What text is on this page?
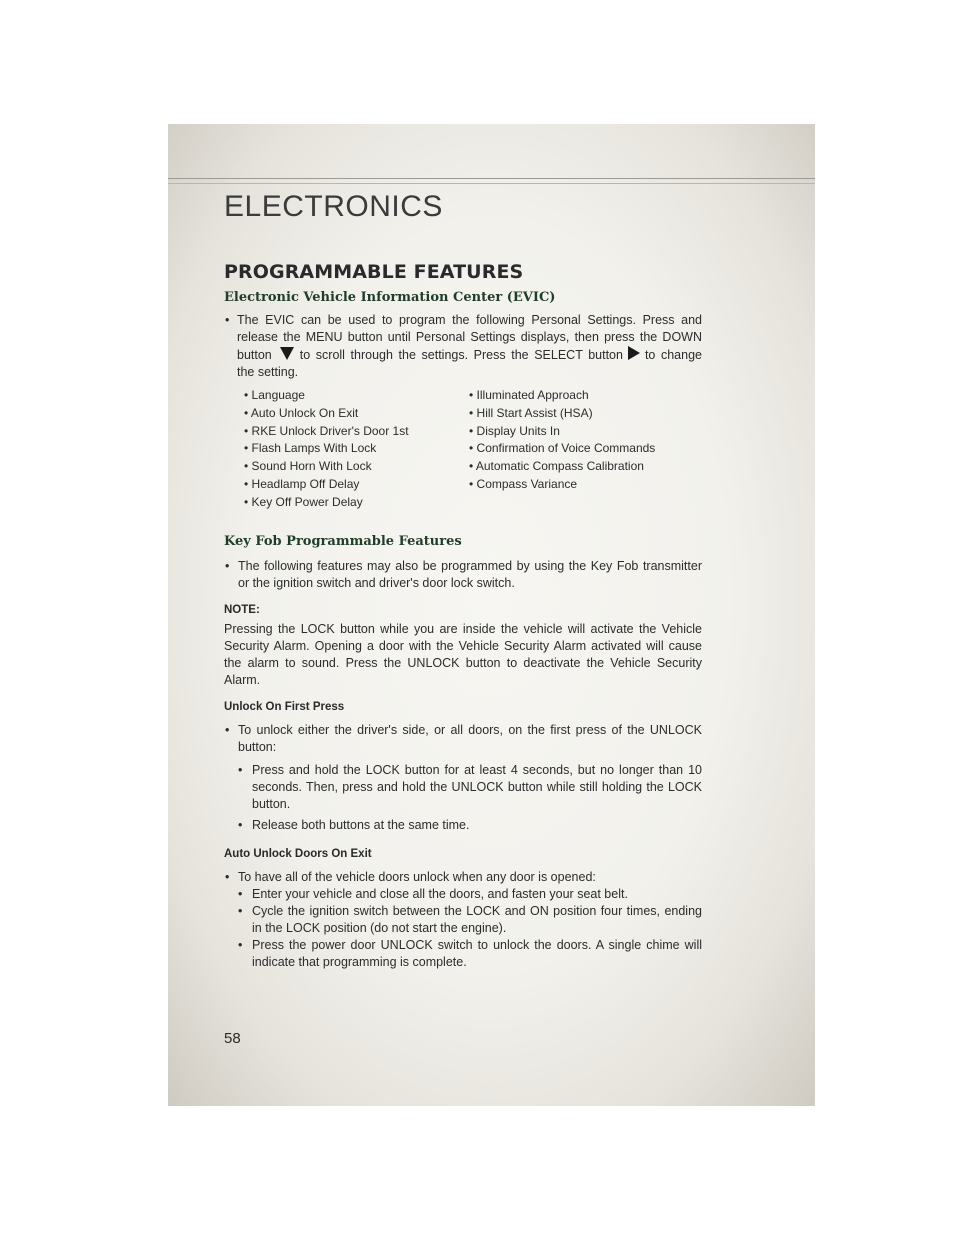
ELECTRONICS
PROGRAMMABLE FEATURES
Electronic Vehicle Information Center (EVIC)
• The EVIC can be used to program the following Personal Settings. Press and release the MENU button until Personal Settings displays, then press the DOWN button to scroll through the settings. Press the SELECT button to change the setting.
• Language
• Auto Unlock On Exit
• RKE Unlock Driver's Door 1st
• Flash Lamps With Lock
• Sound Horn With Lock
• Headlamp Off Delay
• Key Off Power Delay
• Illuminated Approach
• Hill Start Assist (HSA)
• Display Units In
• Confirmation of Voice Commands
• Automatic Compass Calibration
• Compass Variance
Key Fob Programmable Features
• The following features may also be programmed by using the Key Fob transmitter or the ignition switch and driver's door lock switch.
NOTE:

Pressing the LOCK button while you are inside the vehicle will activate the Vehicle Security Alarm. Opening a door with the Vehicle Security Alarm activated will cause the alarm to sound. Press the UNLOCK button to deactivate the Vehicle Security Alarm.

Unlock On First Press
• To unlock either the driver's side, or all doors, on the first press of the UNLOCK button:
• Press and hold the LOCK button for at least 4 seconds, but no longer than 10 seconds. Then, press and hold the UNLOCK button while still holding the LOCK button.
• Release both buttons at the same time.
Auto Unlock Doors On Exit
• To have all of the vehicle doors unlock when any door is opened:
• Enter your vehicle and close all the doors, and fasten your seat belt.
• Cycle the ignition switch between the LOCK and ON position four times, ending in the LOCK position (do not start the engine).
• Press the power door UNLOCK switch to unlock the doors. A single chime will indicate that programming is complete.
58
